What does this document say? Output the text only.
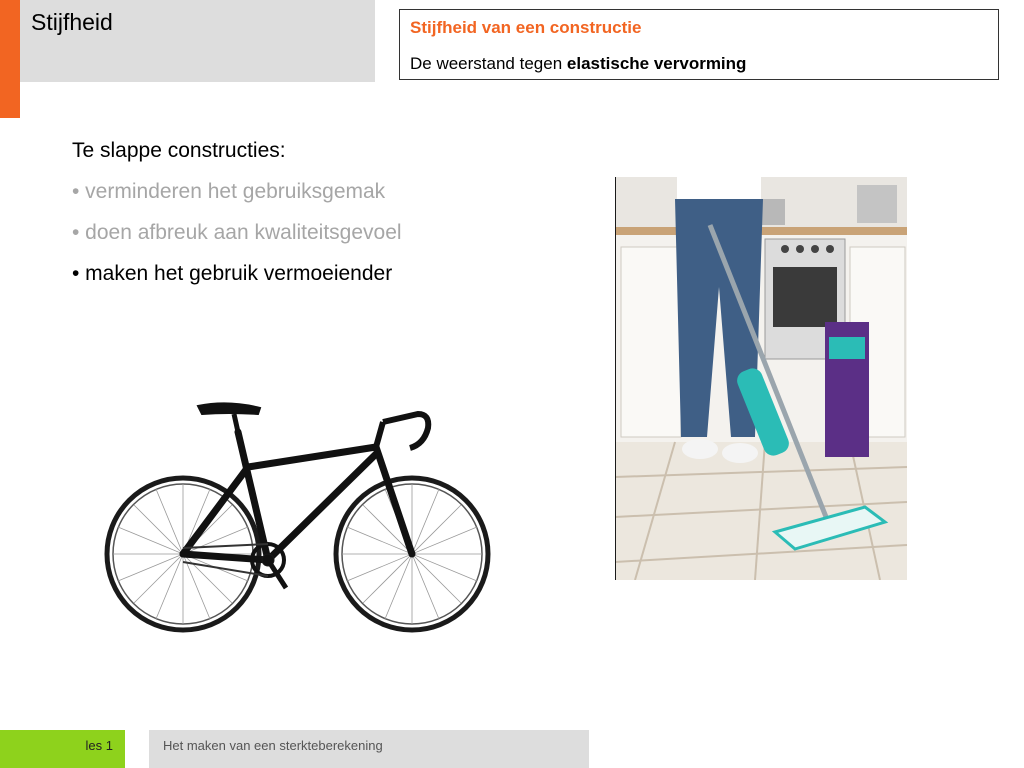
Stijfheid	Stijfheid van een constructie
De weerstand tegen elastische vervorming
Te slappe constructies:
• verminderen het gebruiksgemak
• doen afbreuk aan kwaliteitsgevoel
• maken het gebruik vermoeiender
les 1	Het maken van een sterkteberekening
